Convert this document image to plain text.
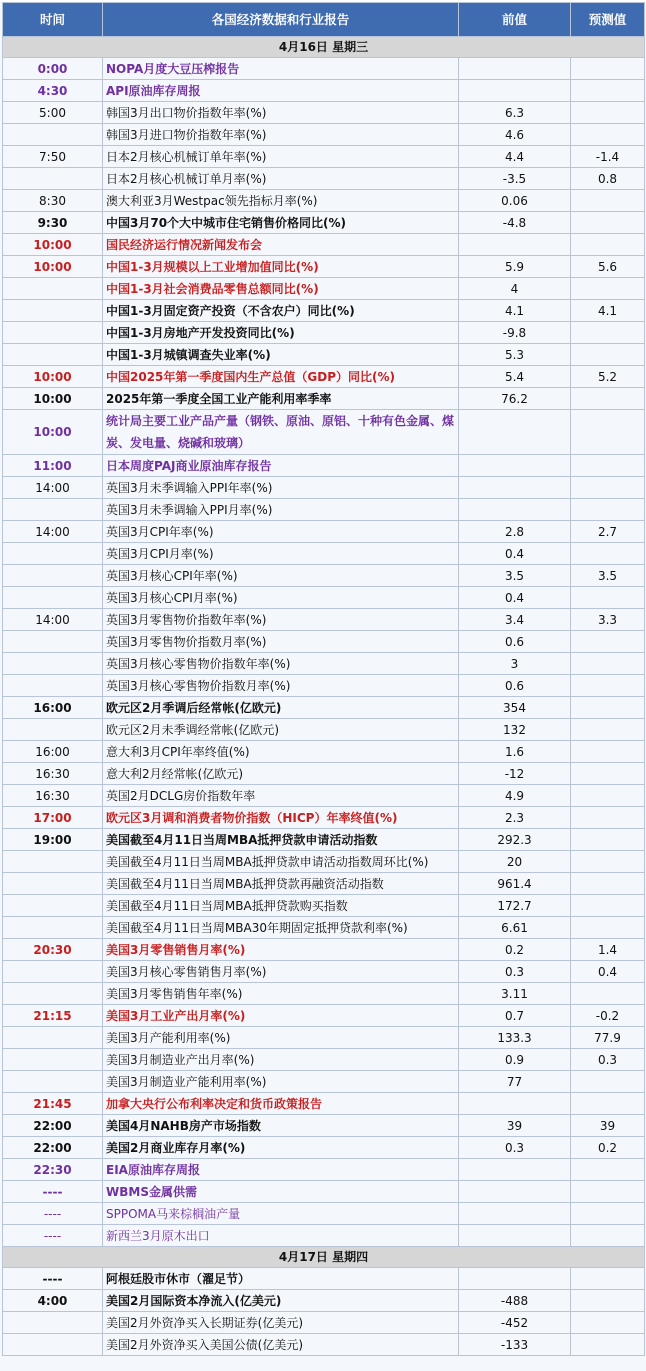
时间	各国经济数据和行业报告	前值	预测值
4月16日 星期三			
0:00	NOPA月度大豆压榨报告		
4:30	API原油库存周报		
5:00	韩国3月出口物价指数年率(%)	6.3	
	韩国3月进口物价指数年率(%)	4.6	
7:50	日本2月核心机械订单年率(%)	4.4	-1.4
	日本2月核心机械订单月率(%)	-3.5	0.8
8:30	澳大利亚3月Westpac领先指标月率(%)	0.06	
9:30	中国3月70个大中城市住宅销售价格同比(%)	-4.8	
10:00	国民经济运行情况新闻发布会		
10:00	中国1-3月规模以上工业增加值同比(%)	5.9	5.6
	中国1-3月社会消费品零售总额同比(%)	4	
	中国1-3月固定资产投资（不含农户）同比(%)	4.1	4.1
	中国1-3月房地产开发投资同比(%)	-9.8	
	中国1-3月城镇调查失业率(%)	5.3	
10:00	中国2025年第一季度国内生产总值（GDP）同比(%)	5.4	5.2
10:00	2025年第一季度全国工业产能利用率季率	76.2	
10:00	统计局主要工业产品产量（钢铁、原油、原铝、十种有色金属、煤炭、发电量、烧碱和玻璃）		
11:00	日本周度PAJ商业原油库存报告		
14:00	英国3月未季调输入PPI年率(%)		
	英国3月未季调输入PPI月率(%)		
14:00	英国3月CPI年率(%)	2.8	2.7
	英国3月CPI月率(%)	0.4	
	英国3月核心CPI年率(%)	3.5	3.5
	英国3月核心CPI月率(%)	0.4	
14:00	英国3月零售物价指数年率(%)	3.4	3.3
	英国3月零售物价指数月率(%)	0.6	
	英国3月核心零售物价指数年率(%)	3	
	英国3月核心零售物价指数月率(%)	0.6	
16:00	欧元区2月季调后经常帐(亿欧元)	354	
	欧元区2月未季调经常帐(亿欧元)	132	
16:00	意大利3月CPI年率终值(%)	1.6	
16:30	意大利2月经常帐(亿欧元)	-12	
16:30	英国2月DCLG房价指数年率	4.9	
17:00	欧元区3月调和消费者物价指数（HICP）年率终值(%)	2.3	
19:00	美国截至4月11日当周MBA抵押贷款申请活动指数	292.3	
	美国截至4月11日当周MBA抵押贷款申请活动指数周环比(%)	20	
	美国截至4月11日当周MBA抵押贷款再融资活动指数	961.4	
	美国截至4月11日当周MBA抵押贷款购买指数	172.7	
	美国截至4月11日当周MBA30年期固定抵押贷款利率(%)	6.61	
20:30	美国3月零售销售月率(%)	0.2	1.4
	美国3月核心零售销售月率(%)	0.3	0.4
	美国3月零售销售年率(%)	3.11	
21:15	美国3月工业产出月率(%)	0.7	-0.2
	美国3月产能利用率(%)	133.3	77.9
	美国3月制造业产出月率(%)	0.9	0.3
	美国3月制造业产能利用率(%)	77	
21:45	加拿大央行公布利率决定和货币政策报告		
22:00	美国4月NAHB房产市场指数	39	39
22:00	美国2月商业库存月率(%)	0.3	0.2
22:30	EIA原油库存周报		
----	WBMS金属供需		
----	SPPOMA马来棕榈油产量		
----	新西兰3月原木出口		
4月17日 星期四			
----	阿根廷股市休市（濯足节）		
4:00	美国2月国际资本净流入(亿美元)	-488	
	美国2月外资净买入长期证券(亿美元)	-452	
	美国2月外资净买入美国公债(亿美元)	-133	
